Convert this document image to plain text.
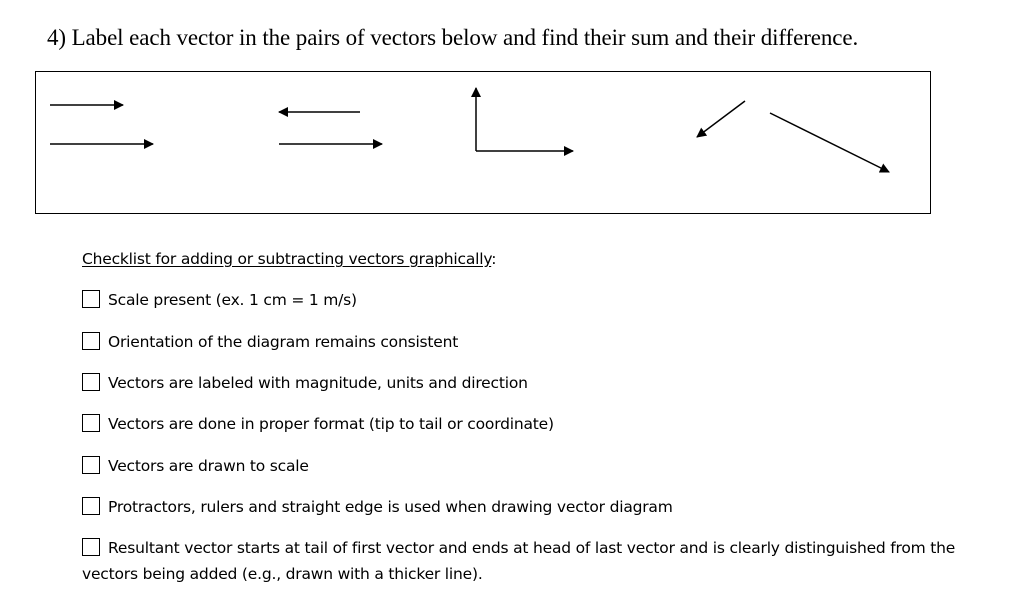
4) Label each vector in the pairs of vectors below and find their sum and their difference.
Checklist for adding or subtracting vectors graphically:
Scale present (ex. 1 cm = 1 m/s)
Orientation of the diagram remains consistent
Vectors are labeled with magnitude, units and direction
Vectors are done in proper format (tip to tail or coordinate)
Vectors are drawn to scale
Protractors, rulers and straight edge is used when drawing vector diagram
Resultant vector starts at tail of first vector and ends at head of last vector and is clearly distinguished from the vectors being added (e.g., drawn with a thicker line).
